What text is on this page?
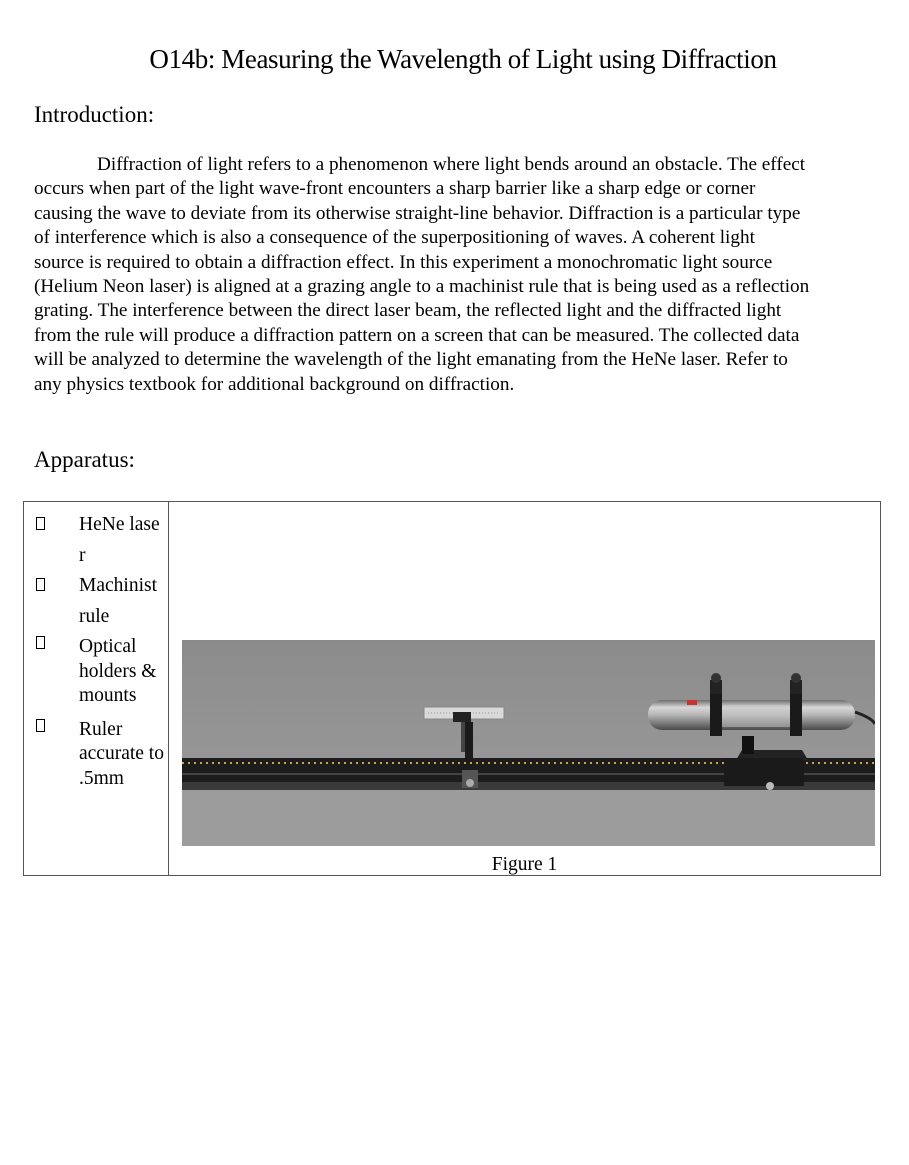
O14b: Measuring the Wavelength of Light using Diffraction
Introduction:

Diffraction of light refers to a phenomenon where light bends around an obstacle. The effect

occurs when part of the light wave-front encounters a sharp barrier like a sharp edge or corner

causing the wave to deviate from its otherwise straight-line behavior. Diffraction is a particular type

of interference which is also a consequence of the superpositioning of waves. A coherent light

source is required to obtain a diffraction effect. In this experiment a monochromatic light source

(Helium Neon laser) is aligned at a grazing angle to a machinist rule that is being used as a reflection

grating. The interference between the direct laser beam, the reflected light and the diffracted light

from the rule will produce a diffraction pattern on a screen that can be measured. The collected data

will be analyzed to determine the wavelength of the light emanating from the HeNe laser. Refer to

any physics textbook for additional background on diffraction.

Apparatus:
HeNe laser
Machinist rule
Optical holders & mounts
Ruler accurate to .5mm

Figure 1
